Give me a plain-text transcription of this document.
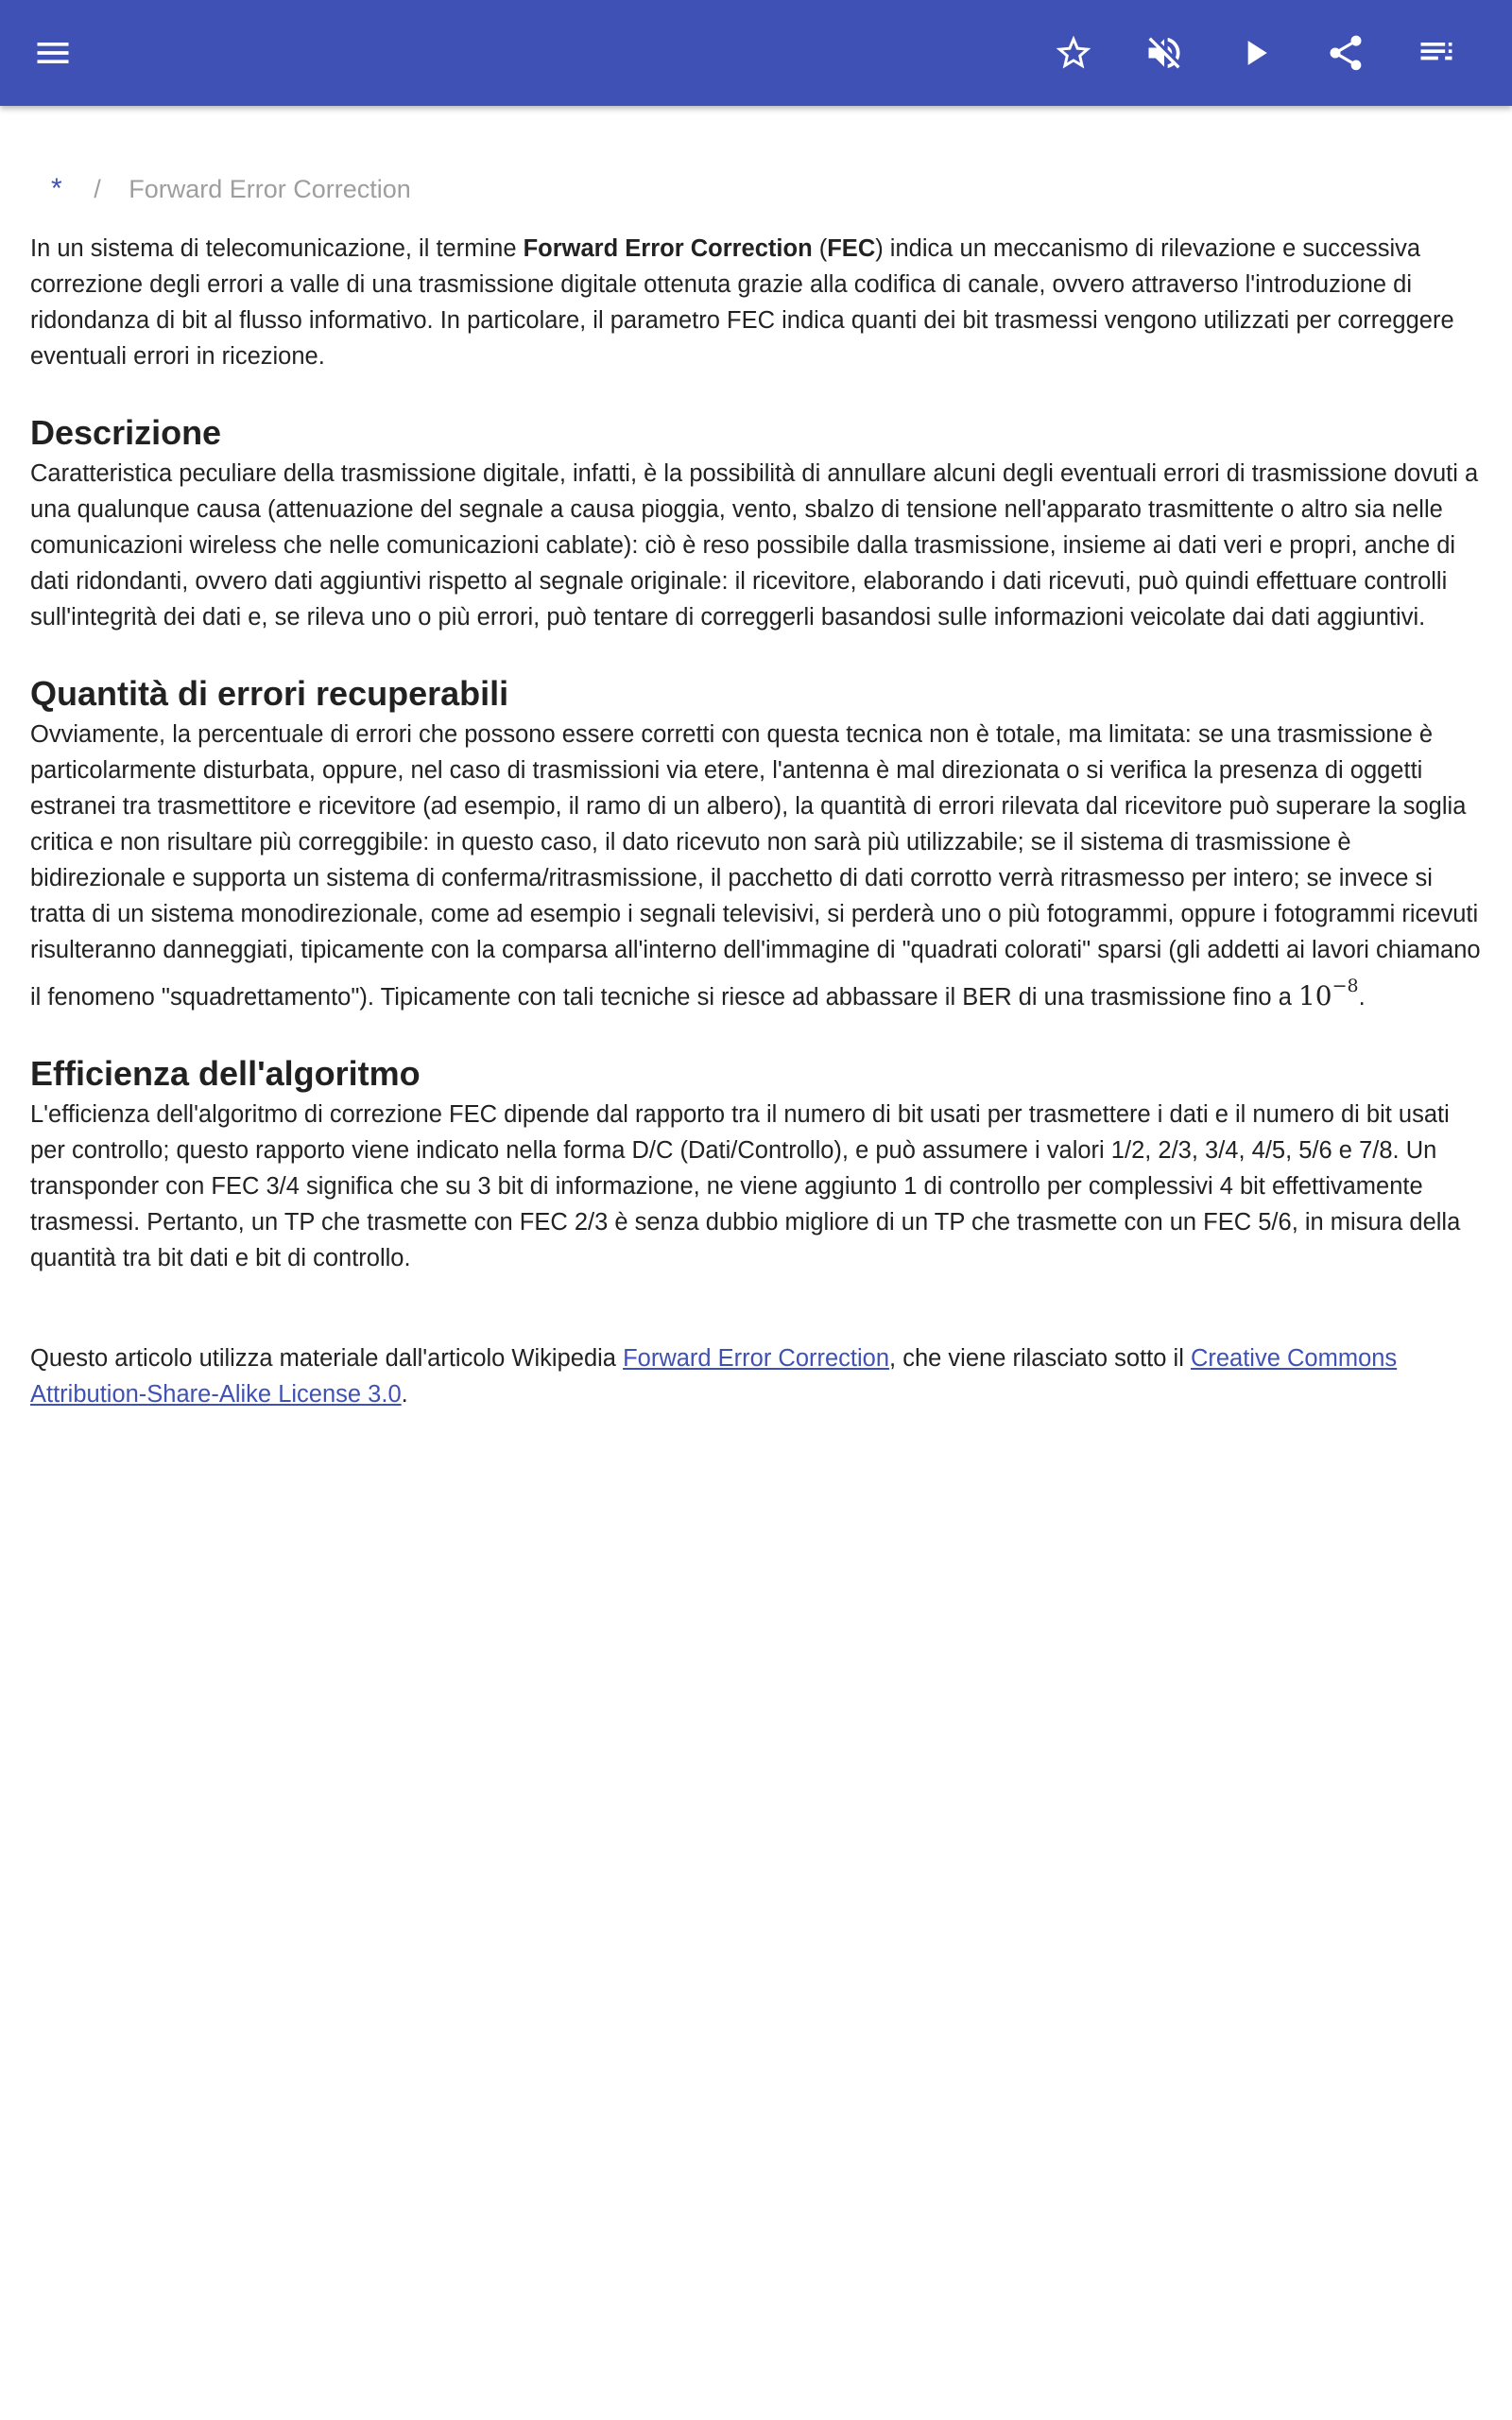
* / Forward Error Correction

In un sistema di telecomunicazione, il termine Forward Error Correction (FEC) indica un meccanismo di rilevazione e successiva correzione degli errori a valle di una trasmissione digitale ottenuta grazie alla codifica di canale, ovvero attraverso l'introduzione di ridondanza di bit al flusso informativo. In particolare, il parametro FEC indica quanti dei bit trasmessi vengono utilizzati per correggere eventuali errori in ricezione.

Descrizione

Caratteristica peculiare della trasmissione digitale, infatti, è la possibilità di annullare alcuni degli eventuali errori di trasmissione dovuti a una qualunque causa (attenuazione del segnale a causa pioggia, vento, sbalzo di tensione nell'apparato trasmittente o altro sia nelle comunicazioni wireless che nelle comunicazioni cablate): ciò è reso possibile dalla trasmissione, insieme ai dati veri e propri, anche di dati ridondanti, ovvero dati aggiuntivi rispetto al segnale originale: il ricevitore, elaborando i dati ricevuti, può quindi effettuare controlli sull'integrità dei dati e, se rileva uno o più errori, può tentare di correggerli basandosi sulle informazioni veicolate dai dati aggiuntivi.

Quantità di errori recuperabili

Ovviamente, la percentuale di errori che possono essere corretti con questa tecnica non è totale, ma limitata: se una trasmissione è particolarmente disturbata, oppure, nel caso di trasmissioni via etere, l'antenna è mal direzionata o si verifica la presenza di oggetti estranei tra trasmettitore e ricevitore (ad esempio, il ramo di un albero), la quantità di errori rilevata dal ricevitore può superare la soglia critica e non risultare più correggibile: in questo caso, il dato ricevuto non sarà più utilizzabile; se il sistema di trasmissione è bidirezionale e supporta un sistema di conferma/ritrasmissione, il pacchetto di dati corrotto verrà ritrasmesso per intero; se invece si tratta di un sistema monodirezionale, come ad esempio i segnali televisivi, si perderà uno o più fotogrammi, oppure i fotogrammi ricevuti risulteranno danneggiati, tipicamente con la comparsa all'interno dell'immagine di "quadrati colorati" sparsi (gli addetti ai lavori chiamano il fenomeno "squadrettamento"). Tipicamente con tali tecniche si riesce ad abbassare il BER di una trasmissione fino a $10^{-8}$.

Efficienza dell'algoritmo

L'efficienza dell'algoritmo di correzione FEC dipende dal rapporto tra il numero di bit usati per trasmettere i dati e il numero di bit usati per controllo; questo rapporto viene indicato nella forma D/C (Dati/Controllo), e può assumere i valori 1/2, 2/3, 3/4, 4/5, 5/6 e 7/8. Un transponder con FEC 3/4 significa che su 3 bit di informazione, ne viene aggiunto 1 di controllo per complessivi 4 bit effettivamente trasmessi. Pertanto, un TP che trasmette con FEC 2/3 è senza dubbio migliore di un TP che trasmette con un FEC 5/6, in misura della quantità tra bit dati e bit di controllo.

Questo articolo utilizza materiale dall'articolo Wikipedia Forward Error Correction, che viene rilasciato sotto il Creative Commons Attribution-Share-Alike License 3.0.
